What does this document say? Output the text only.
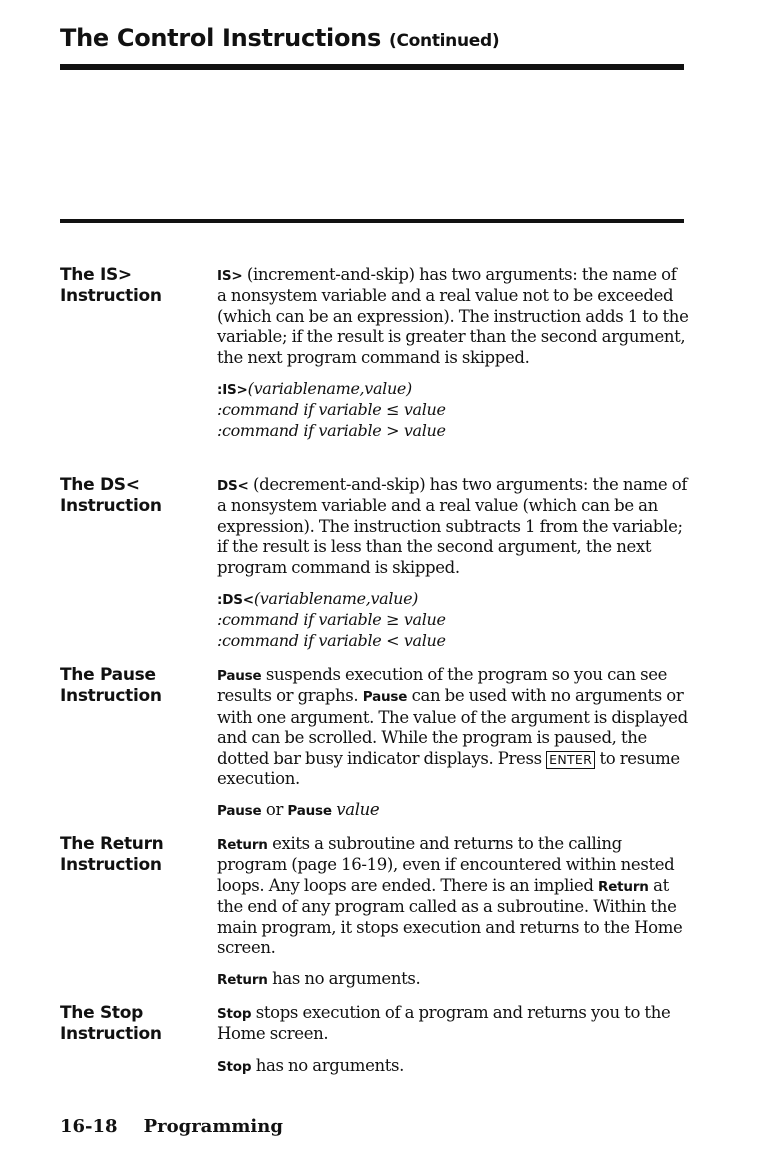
The Control Instructions (Continued)
The IS>
Instruction
IS> (increment-and-skip) has two arguments: the name of a nonsystem variable and a real value not to be exceeded (which can be an expression). The instruction adds 1 to the variable; if the result is greater than the second argument, the next program command is skipped.
:IS>(variablename,value)
:command if variable ≤ value
:command if variable > value
The DS<
Instruction
DS< (decrement-and-skip) has two arguments: the name of a nonsystem variable and a real value (which can be an expression). The instruction subtracts 1 from the variable; if the result is less than the second argument, the next program command is skipped.
:DS<(variablename,value)
:command if variable ≥ value
:command if variable < value
The Pause
Instruction
Pause suspends execution of the program so you can see results or graphs. Pause can be used with no arguments or with one argument. The value of the argument is displayed and can be scrolled. While the program is paused, the dotted bar busy indicator displays. Press ENTER to resume execution.
Pause or Pause value
The Return
Instruction
Return exits a subroutine and returns to the calling program (page 16-19), even if encountered within nested loops. Any loops are ended. There is an implied Return at the end of any program called as a subroutine. Within the main program, it stops execution and returns to the Home screen.
Return has no arguments.
The Stop
Instruction
Stop stops execution of a program and returns you to the Home screen.
Stop has no arguments.
16-18 Programming
